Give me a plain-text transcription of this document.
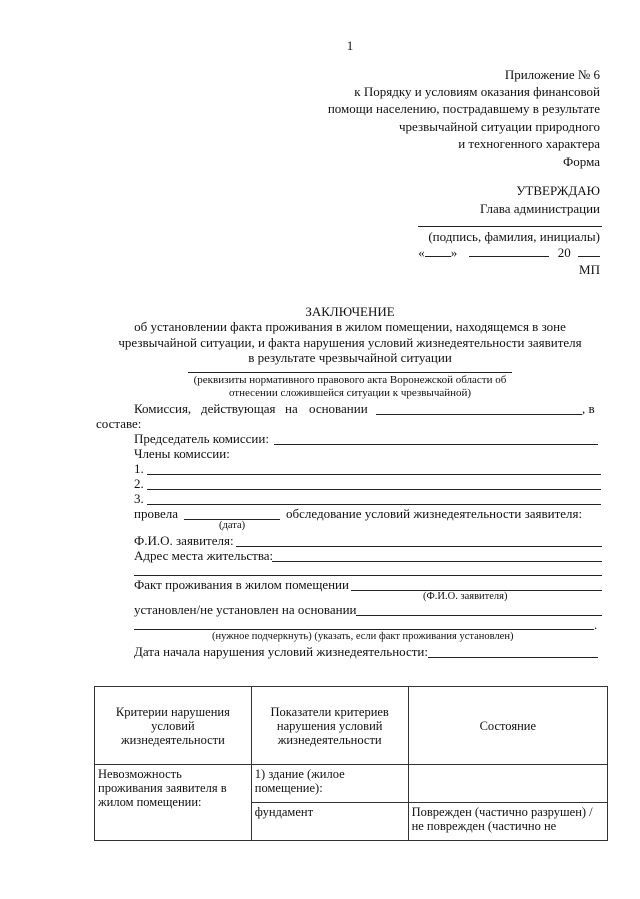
1
Приложение № 6
к Порядку и условиям оказания финансовой
помощи населению, пострадавшему в результате
чрезвычайной ситуации природного
и техногенного характера
Форма
УТВЕРЖДАЮ
Глава администрации
(подпись, фамилия, инициалы)
« »	20
МП
ЗАКЛЮЧЕНИЕ
об установлении факта проживания в жилом помещении, находящемся в зоне чрезвычайной ситуации, и факта нарушения условий жизнедеятельности заявителя в результате чрезвычайной ситуации
(реквизиты нормативного правового акта Воронежской области об отнесении сложившейся ситуации к чрезвычайной)
Комиссия, действующая на основании	, в
составе:
Председатель комиссии:
Члены комиссии:
1.
2.
3.
провела	обследование условий жизнедеятельности заявителя:
(дата)
Ф.И.О. заявителя:
Адрес места жительства:
Факт проживания в жилом помещении
(Ф.И.О. заявителя)
установлен/не установлен на основании
.
(нужное подчеркнуть) (указать, если факт проживания установлен)
Дата начала нарушения условий жизнедеятельности:
Критерии нарушения условий жизнедеятельности	Показатели критериев нарушения условий жизнедеятельности	Состояние
Невозможность проживания заявителя в жилом помещении:	1) здание (жилое помещение):	
	фундамент	Поврежден (частично разрушен) / не поврежден (частично не
